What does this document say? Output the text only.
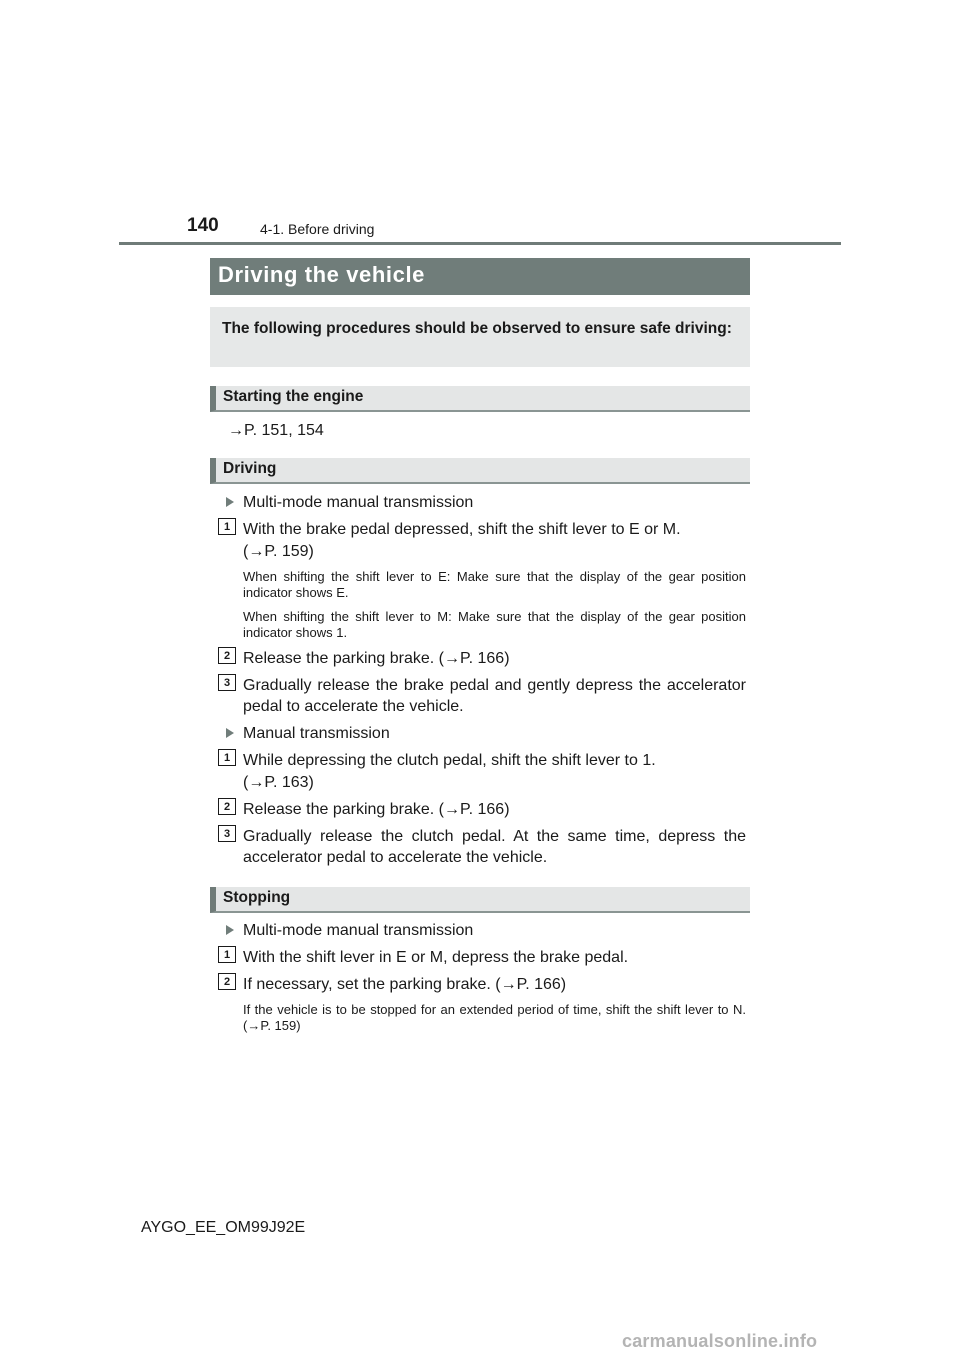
140	4-1. Before driving
Driving the vehicle
The following procedures should be observed to ensure safe driving:
Starting the engine
→P. 151, 154
Driving
Multi-mode manual transmission
1 With the brake pedal depressed, shift the shift lever to E or M.
(→P. 159)
When shifting the shift lever to E: Make sure that the display of the gear position indicator shows E.
When shifting the shift lever to M: Make sure that the display of the gear position indicator shows 1.
2 Release the parking brake. (→P. 166)
3 Gradually release the brake pedal and gently depress the accelerator pedal to accelerate the vehicle.
Manual transmission
1 While depressing the clutch pedal, shift the shift lever to 1.
(→P. 163)
2 Release the parking brake. (→P. 166)
3 Gradually release the clutch pedal. At the same time, depress the accelerator pedal to accelerate the vehicle.
Stopping
Multi-mode manual transmission
1 With the shift lever in E or M, depress the brake pedal.
2 If necessary, set the parking brake. (→P. 166)
If the vehicle is to be stopped for an extended period of time, shift the shift lever to N. (→P. 159)
AYGO_EE_OM99J92E
carmanualsonline.info
